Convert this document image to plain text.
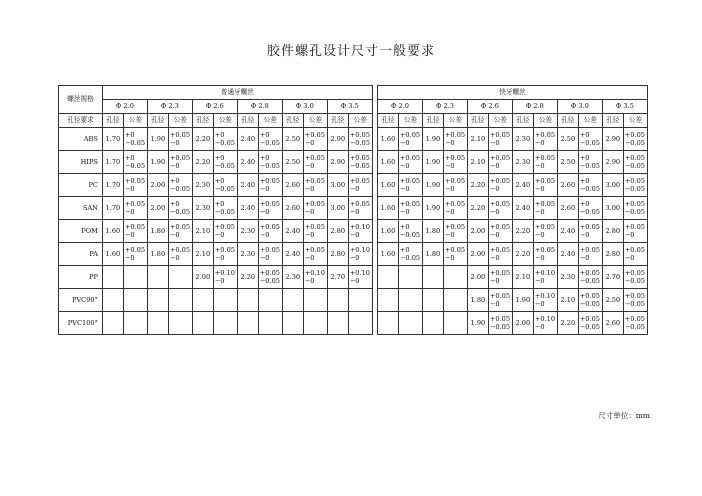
胶件螺孔设计尺寸一般要求
螺丝规格	普通牙螺丝													快牙螺丝											
	Φ 2.0		Φ 2.3		Φ 2.6		Φ 2.8		Φ 3.0		Φ 3.5			Φ 2.0		Φ 2.3		Φ 2.6		Φ 2.8		Φ 3.0		Φ 3.5	
孔径要求	孔径	公差	孔径	公差	孔径	公差	孔径	公差	孔径	公差	孔径	公差		孔径	公差	孔径	公差	孔径	公差	孔径	公差	孔径	公差	孔径	公差
ABS	1.70	+0
−0.05	1.90	+0.05
−0	2.20	+0
−0.05	2.40	+0
−0.05	2.50	+0.05
−0	2.90	+0.05
−0.05		1.60	+0.05
−0	1.90	+0.05
−0	2.10	+0.05
−0	2.30	+0.05
−0	2.50	+0
−0.05	2.90	+0.05
−0.05

HIPS	1.70	+0
−0.05	1.90	+0.05
−0	2.20	+0
−0.05	2.40	+0
−0.05	2.50	+0.05
−0	2.90	+0.05
−0.05		1.60	+0.05
−0	1.90	+0.05
−0	2.10	+0.05
−0	2.30	+0.05
−0	2.50	+0
−0.05	2.90	+0.05
−0.05

PC	1.70	+0.05
−0	2.00	+0
−0.05	2.30	+0
−0.05	2.40	+0.05
−0	2.60	+0.05
−0	3.00	+0.05
−0		1.60	+0.05
−0	1.90	+0.05
−0	2.20	+0.05
−0	2.40	+0.05
−0	2.60	+0
−0.05	3.00	+0.05
−0.05

SAN	1.70	+0.05
−0	2.00	+0
−0.05	2.30	+0
−0.05	2.40	+0.05
−0	2.60	+0.05
−0	3.00	+0.05
−0		1.60	+0.05
−0	1.90	+0.05
−0	2.20	+0.05
−0	2.40	+0.05
−0	2.60	+0
−0.05	3.00	+0.05
−0.05

POM	1.60	+0.05
−0	1.80	+0.05
−0	2.10	+0.05
−0	2.30	+0.05
−0	2.40	+0.05
−0	2.80	+0.10
−0		1.60	+0
−0.05	1.80	+0.05
−0	2.00	+0.05
−0	2.20	+0.05
−0	2.40	+0.05
−0	2.80	+0.05
−0

PA	1.60	+0.05
−0	1.80	+0.05
−0	2.10	+0.05
−0	2.30	+0.05
−0	2.40	+0.05
−0	2.80	+0.10
−0		1.60	+0
−0.05	1.80	+0.05
−0	2.00	+0.05
−0	2.20	+0.05
−0	2.40	+0.05
−0	2.80	+0.05
−0

PP					2.00	+0.10
−0	2.20	+0.05
−0.05	2.30	+0.10
−0	2.70	+0.10
−0						2.00	+0.05
−0	2.10	+0.10
−0	2.30	+0.05
−0.05	2.70	+0.05
−0.05

PVC90°																		1.80	+0.05
−0	1.90	+0.10
−0	2.10	+0.05
−0.05	2.50	+0.05
−0.05

PVC100°																		1.90	+0.05
−0.05	2.00	+0.10
−0	2.20	+0.05
−0.05	2.60	+0.05
−0.05
尺寸单位：mm
